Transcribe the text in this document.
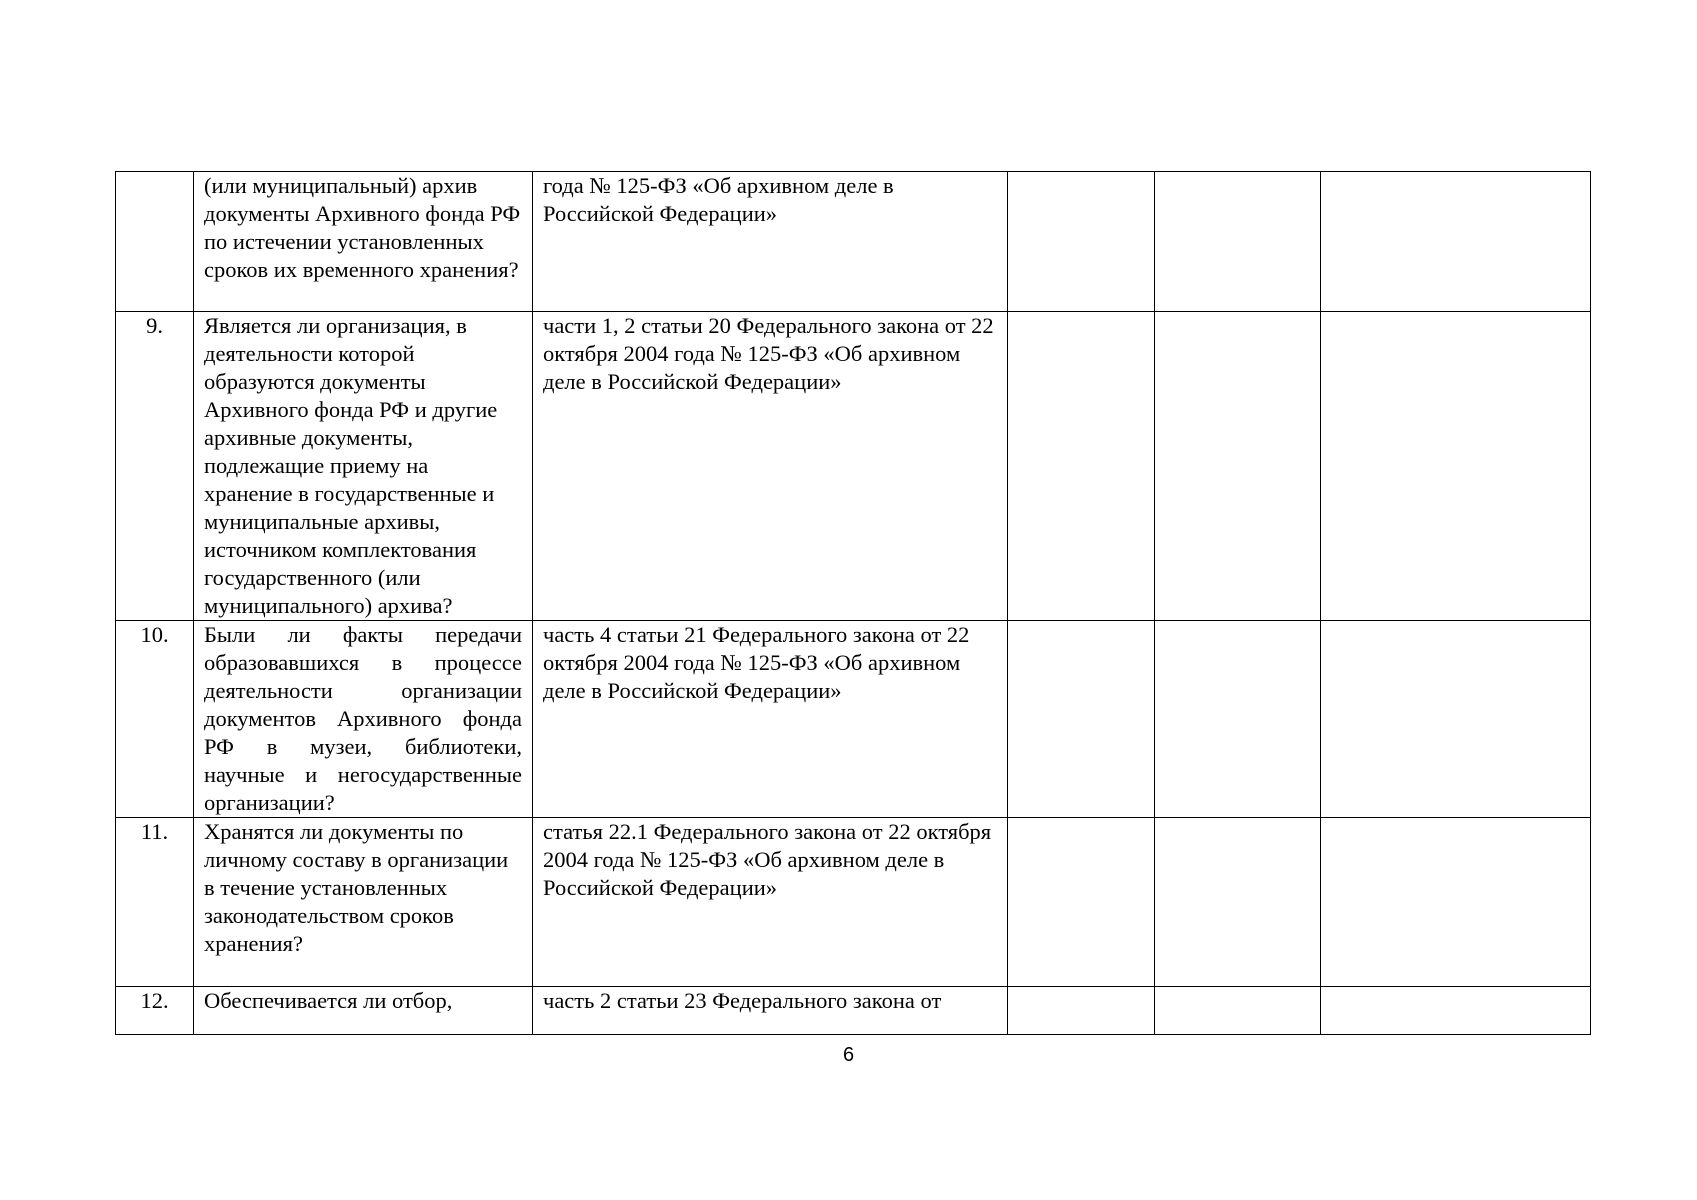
	(или муниципальный) архив документы Архивного фонда РФ по истечении установленных сроков их временного хранения?	года № 125-ФЗ «Об архивном деле в Российской Федерации»			
9.	Является ли организация, в деятельности которой образуются документы Архивного фонда РФ и другие архивные документы, подлежащие приему на хранение в государственные и муниципальные архивы, источником комплектования государственного (или муниципального) архива?	части 1, 2 статьи 20 Федерального закона от 22 октября 2004 года № 125-ФЗ «Об архивном деле в Российской Федерации»			
10.	Были ли факты передачи образовавшихся в процессе деятельности организации документов Архивного фонда РФ в музеи, библиотеки, научные и негосударственные организации?	часть 4 статьи 21 Федерального закона от 22 октября 2004 года № 125-ФЗ «Об архивном деле в Российской Федерации»			
11.	Хранятся ли документы по личному составу в организации в течение установленных законодательством сроков хранения?	статья 22.1 Федерального закона от 22 октября 2004 года № 125-ФЗ «Об архивном деле в Российской Федерации»			
12.	Обеспечивается ли отбор,	часть 2 статьи 23 Федерального закона от			
6
